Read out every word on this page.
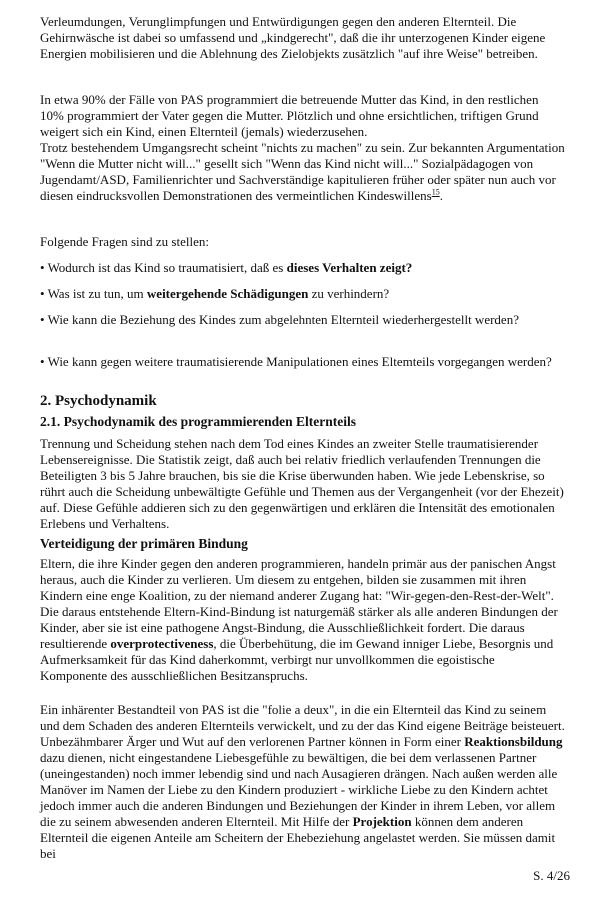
Verleumdungen, Verunglimpfungen und Entwürdigungen gegen den anderen Elternteil. Die Gehirnwäsche ist dabei so umfassend und „kindgerecht", daß die ihr unterzogenen Kinder eigene Energien mobilisieren und die Ablehnung des Zielobjekts zusätzlich "auf ihre Weise" betreiben.

In etwa 90% der Fälle von PAS programmiert die betreuende Mutter das Kind, in den restlichen 10% programmiert der Vater gegen die Mutter. Plötzlich und ohne ersichtlichen, triftigen Grund weigert sich ein Kind, einen Elternteil (jemals) wiederzusehen.
Trotz bestehendem Umgangsrecht scheint "nichts zu machen" zu sein. Zur bekannten Argumentation "Wenn die Mutter nicht will..." gesellt sich "Wenn das Kind nicht will..." Sozialpädagogen von Jugendamt/ASD, Familienrichter und Sachverständige kapitulieren früher oder später nun auch vor diesen eindrucksvollen Demonstrationen des vermeintlichen Kindeswillens$^{15}$.

Folgende Fragen sind zu stellen:

• Wodurch ist das Kind so traumatisiert, daß es dieses Verhalten zeigt?

• Was ist zu tun, um weitergehende Schädigungen zu verhindern?

• Wie kann die Beziehung des Kindes zum abgelehnten Elternteil wiederhergestellt werden?

• Wie kann gegen weitere traumatisierende Manipulationen eines Eltemteils vorgegangen werden?

2. Psychodynamik

2.1. Psychodynamik des programmierenden Elternteils

Trennung und Scheidung stehen nach dem Tod eines Kindes an zweiter Stelle traumatisierender Lebensereignisse. Die Statistik zeigt, daß auch bei relativ friedlich verlaufenden Trennungen die Beteiligten 3 bis 5 Jahre brauchen, bis sie die Krise überwunden haben. Wie jede Lebenskrise, so rührt auch die Scheidung unbewältigte Gefühle und Themen aus der Vergangenheit (vor der Ehezeit) auf. Diese Gefühle addieren sich zu den gegenwärtigen und erklären die Intensität des emotionalen Erlebens und Verhaltens.

Verteidigung der primären Bindung

Eltern, die ihre Kinder gegen den anderen programmieren, handeln primär aus der panischen Angst heraus, auch die Kinder zu verlieren. Um diesem zu entgehen, bilden sie zusammen mit ihren Kindern eine enge Koalition, zu der niemand anderer Zugang hat: "Wir-gegen-den-Rest-der-Welt". Die daraus entstehende Eltern-Kind-Bindung ist naturgemäß stärker als alle anderen Bindungen der Kinder, aber sie ist eine pathogene Angst-Bindung, die Ausschließlichkeit fordert. Die daraus resultierende overprotectiveness, die Überbehütung, die im Gewand inniger Liebe, Besorgnis und Aufmerksamkeit für das Kind daherkommt, verbirgt nur unvollkommen die egoistische Komponente des ausschließlichen Besitzanspruchs.

Ein inhärenter Bestandteil von PAS ist die "folie a deux", in die ein Elternteil das Kind zu seinem und dem Schaden des anderen Elternteils verwickelt, und zu der das Kind eigene Beiträge beisteuert. Unbezähmbarer Ärger und Wut auf den verlorenen Partner können in Form einer Reaktionsbildung dazu dienen, nicht eingestandene Liebesgefühle zu bewältigen, die bei dem verlassenen Partner (uneingestanden) noch immer lebendig sind und nach Ausagieren drängen. Nach außen werden alle Manöver im Namen der Liebe zu den Kindern produziert - wirkliche Liebe zu den Kindern achtet jedoch immer auch die anderen Bindungen und Beziehungen der Kinder in ihrem Leben, vor allem die zu seinem abwesenden anderen Elternteil. Mit Hilfe der Projektion können dem anderen Elternteil die eigenen Anteile am Scheitern der Ehebeziehung angelastet werden. Sie müssen damit bei

S. 4/26
